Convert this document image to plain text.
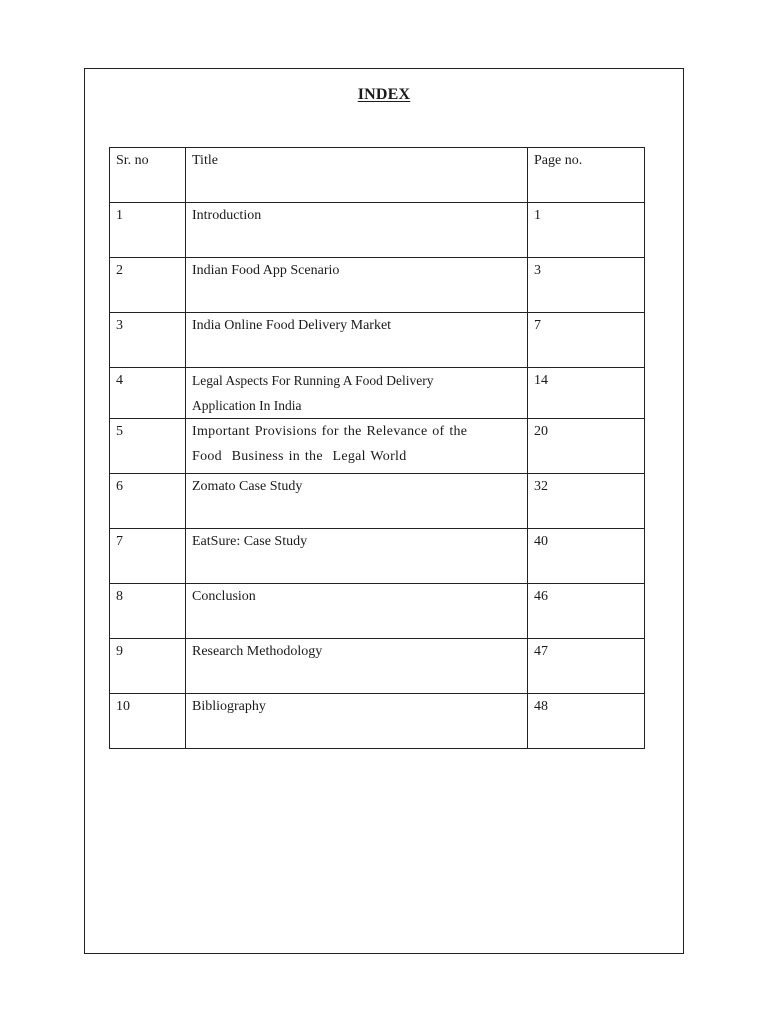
INDEX
Sr. no	Title	Page no.
1	Introduction	1
2	Indian Food App Scenario	3
3	India Online Food Delivery Market	7
4	Legal Aspects For Running A Food Delivery
Application In India	14
5	Important Provisions for the Relevance of the
Food  Business in the  Legal World	20
6	Zomato Case Study	32
7	EatSure: Case Study	40
8	Conclusion	46
9	Research Methodology	47
10	Bibliography	48
